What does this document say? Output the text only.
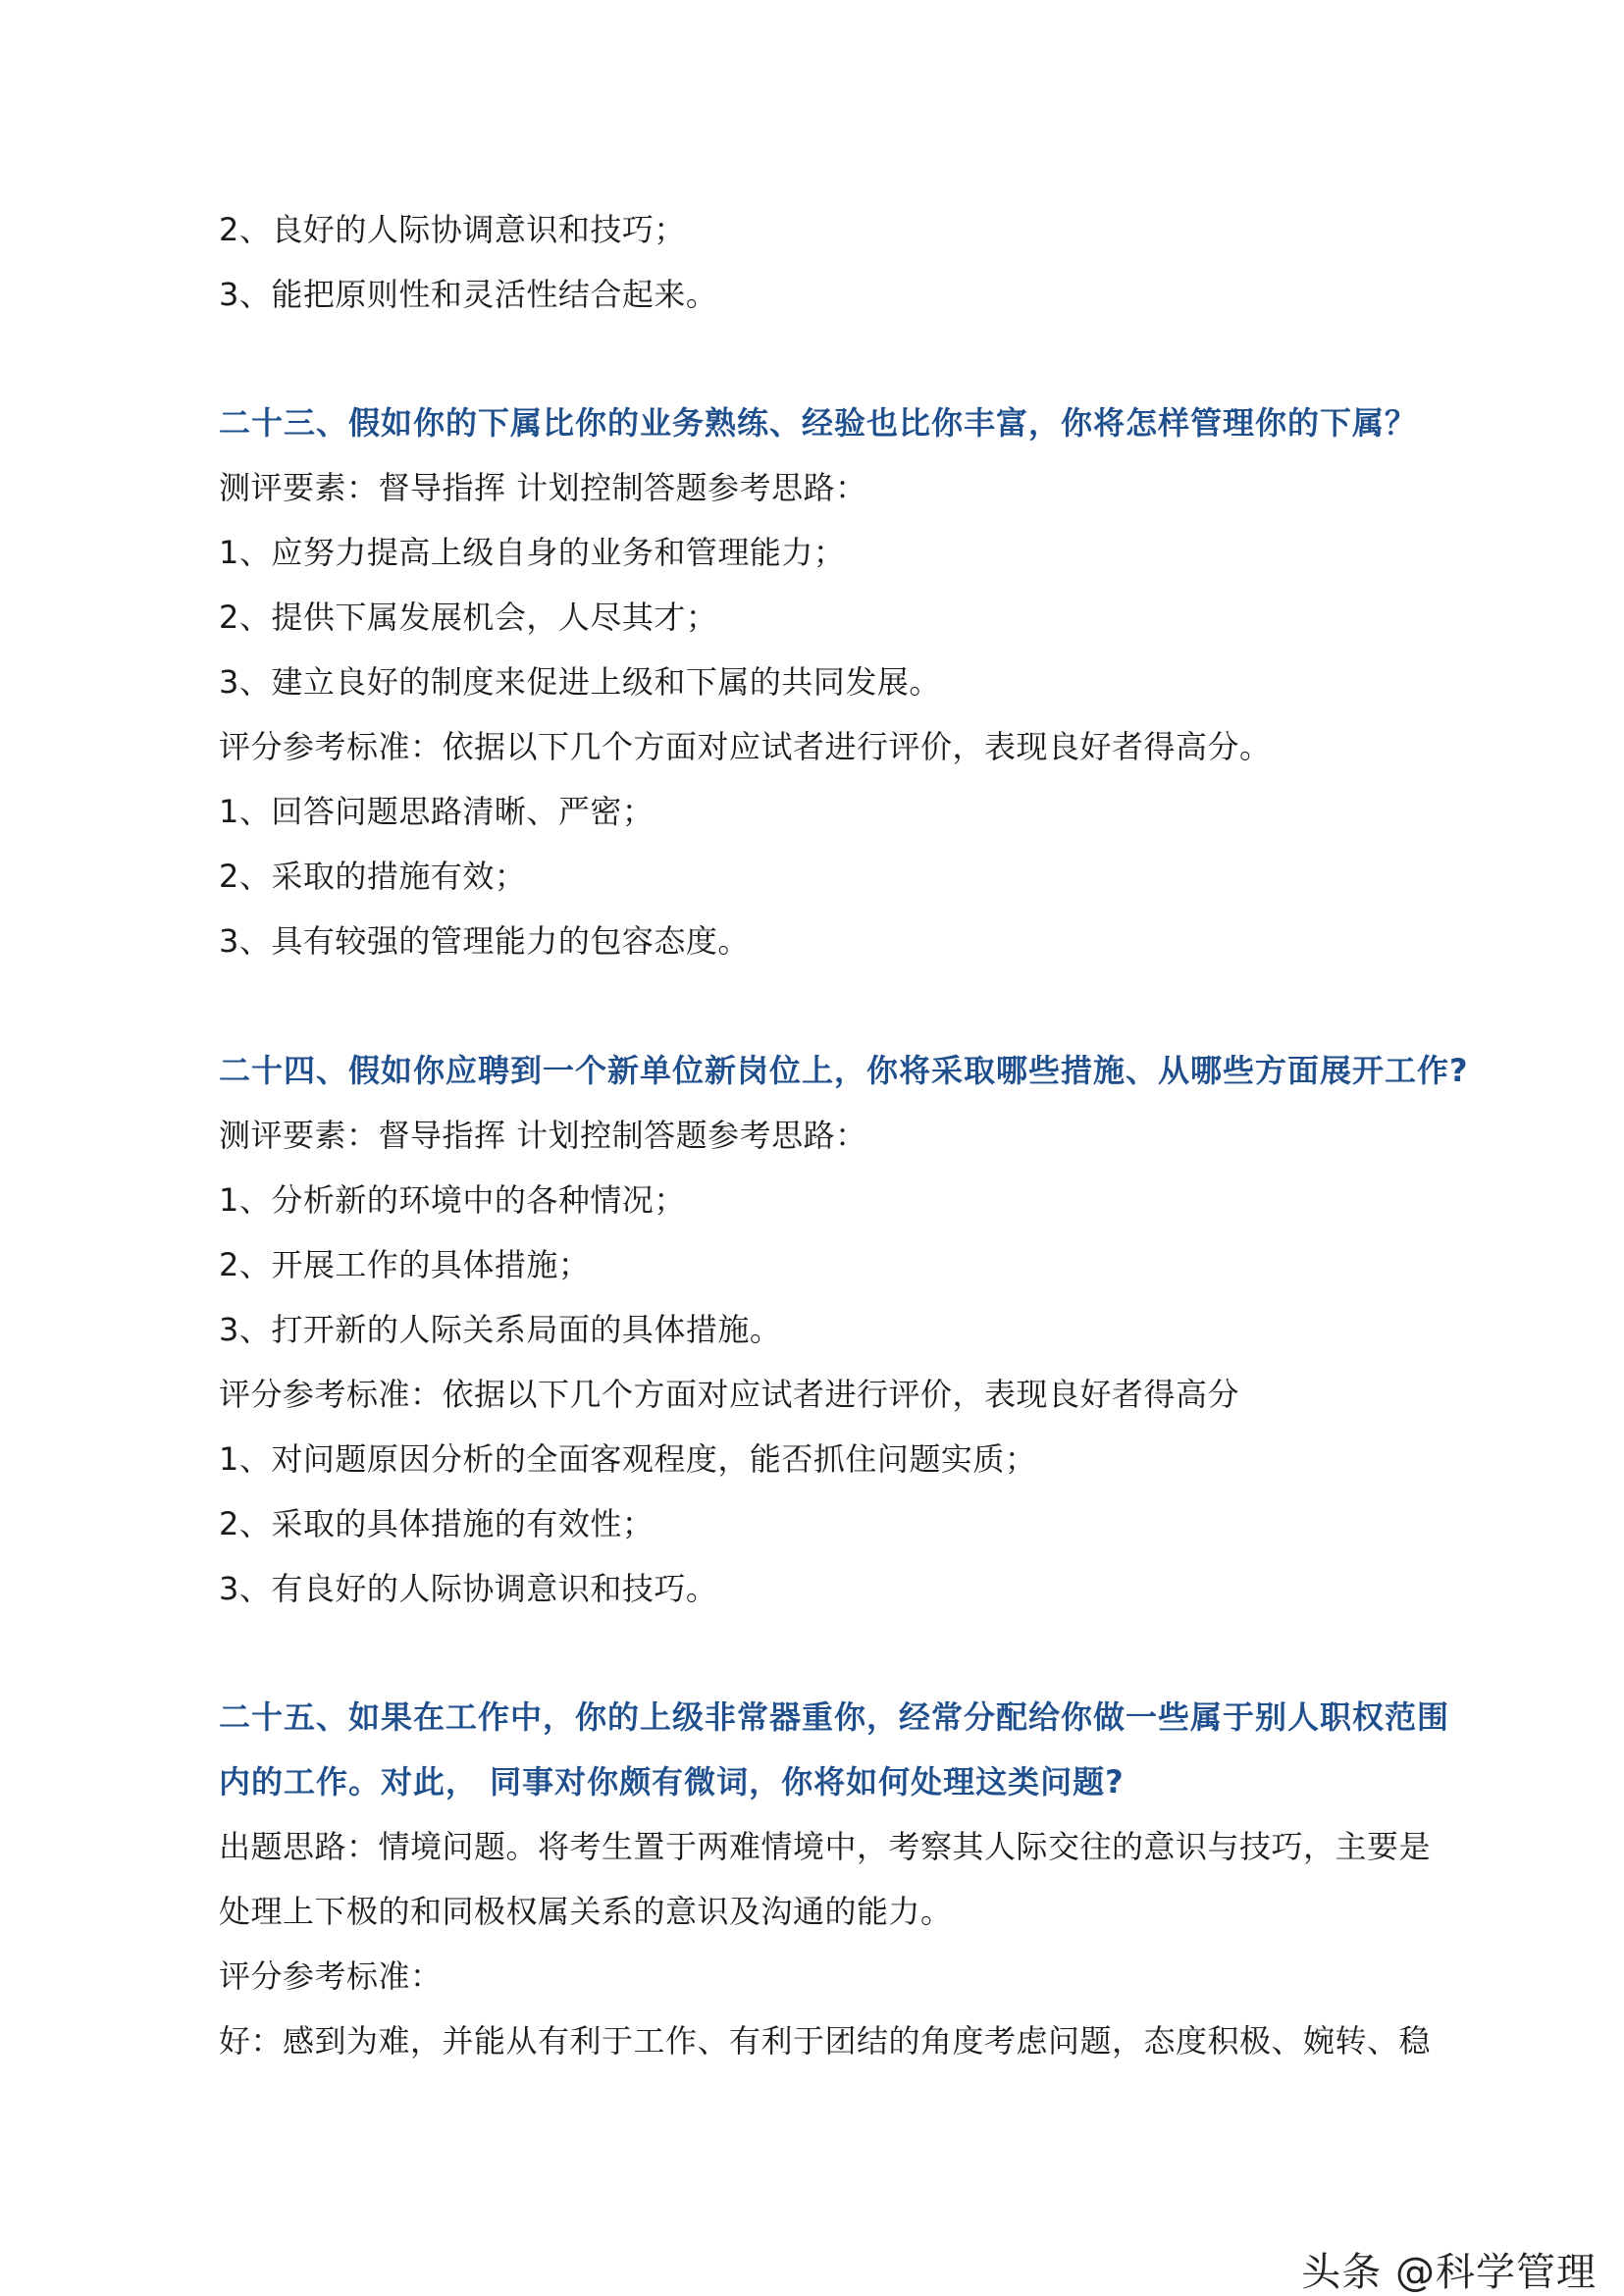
2、良好的人际协调意识和技巧；
3、能把原则性和灵活性结合起来。
二十三、假如你的下属比你的业务熟练、经验也比你丰富，你将怎样管理你的下属？
测评要素：督导指挥 计划控制答题参考思路：
1、应努力提高上级自身的业务和管理能力；
2、提供下属发展机会，人尽其才；
3、建立良好的制度来促进上级和下属的共同发展。
评分参考标准：依据以下几个方面对应试者进行评价，表现良好者得高分。
1、回答问题思路清晰、严密；
2、采取的措施有效；
3、具有较强的管理能力的包容态度。
二十四、假如你应聘到一个新单位新岗位上，你将采取哪些措施、从哪些方面展开工作?
测评要素：督导指挥 计划控制答题参考思路：
1、分析新的环境中的各种情况；
2、开展工作的具体措施；
3、打开新的人际关系局面的具体措施。
评分参考标准：依据以下几个方面对应试者进行评价，表现良好者得高分
1、对问题原因分析的全面客观程度，能否抓住问题实质；
2、采取的具体措施的有效性；
3、有良好的人际协调意识和技巧。
二十五、如果在工作中，你的上级非常器重你，经常分配给你做一些属于别人职权范围
内的工作。对此， 同事对你颇有微词，你将如何处理这类问题?
出题思路：情境问题。将考生置于两难情境中，考察其人际交往的意识与技巧，主要是
处理上下极的和同极权属关系的意识及沟通的能力。
评分参考标准：
好：感到为难，并能从有利于工作、有利于团结的角度考虑问题，态度积极、婉转、稳
头条 @科学管理
